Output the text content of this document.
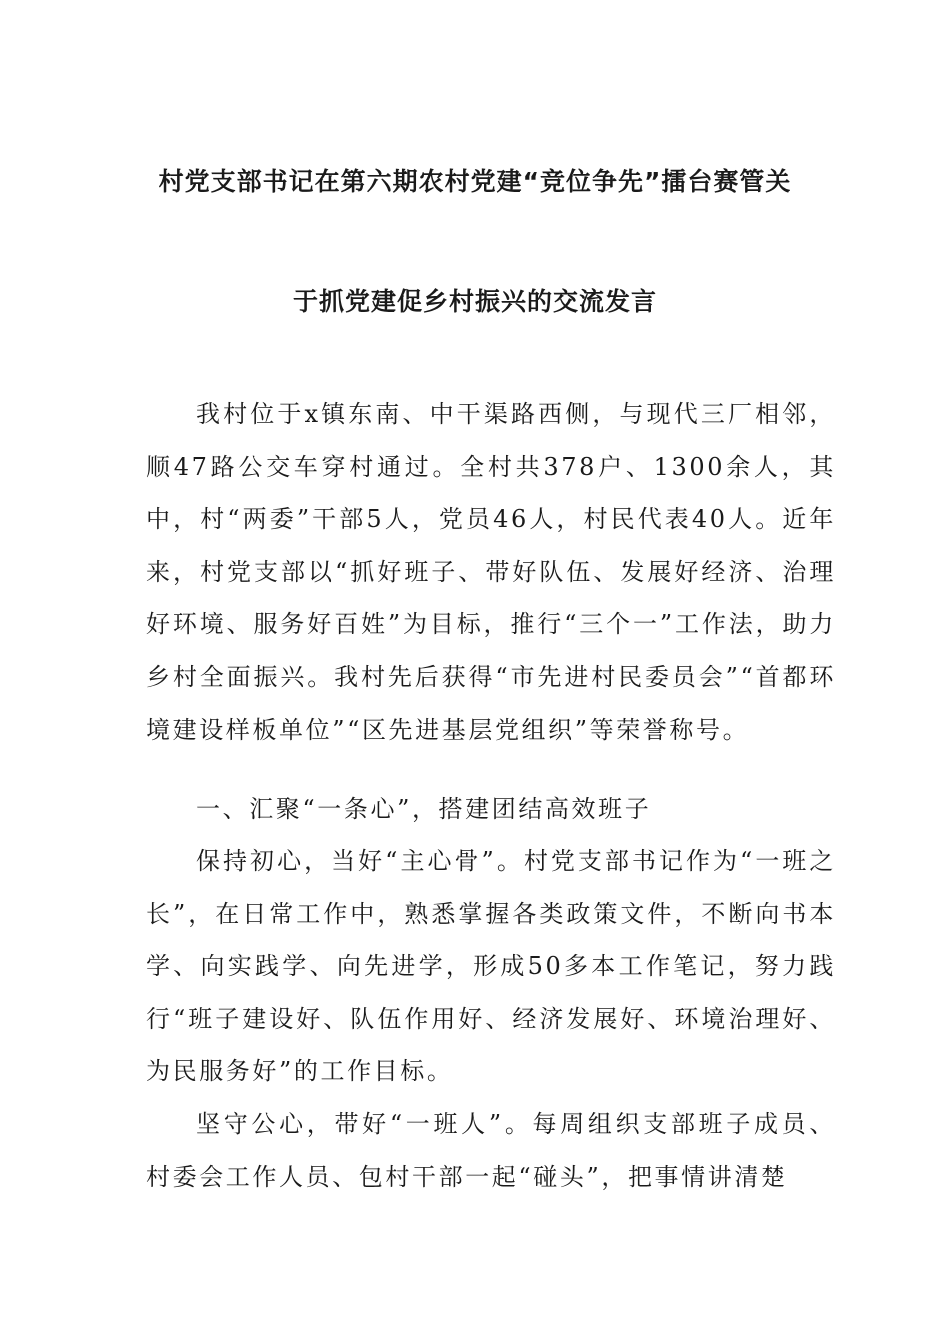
村党支部书记在第六期农村党建“竞位争先”擂台赛管关
于抓党建促乡村振兴的交流发言

我村位于x镇东南、中干渠路西侧，与现代三厂相邻，顺47路公交车穿村通过。全村共378户、1300余人，其中，村“两委”干部5人，党员46人，村民代表40人。近年来，村党支部以“抓好班子、带好队伍、发展好经济、治理好环境、服务好百姓”为目标，推行“三个一”工作法，助力乡村全面振兴。我村先后获得“市先进村民委员会”“首都环境建设样板单位”“区先进基层党组织”等荣誉称号。

一、汇聚“一条心”，搭建团结高效班子

保持初心，当好“主心骨”。村党支部书记作为“一班之长”，在日常工作中，熟悉掌握各类政策文件，不断向书本学、向实践学、向先进学，形成50多本工作笔记，努力践行“班子建设好、队伍作用好、经济发展好、环境治理好、为民服务好”的工作目标。

坚守公心，带好“一班人”。每周组织支部班子成员、村委会工作人员、包村干部一起“碰头”，把事情讲清楚
